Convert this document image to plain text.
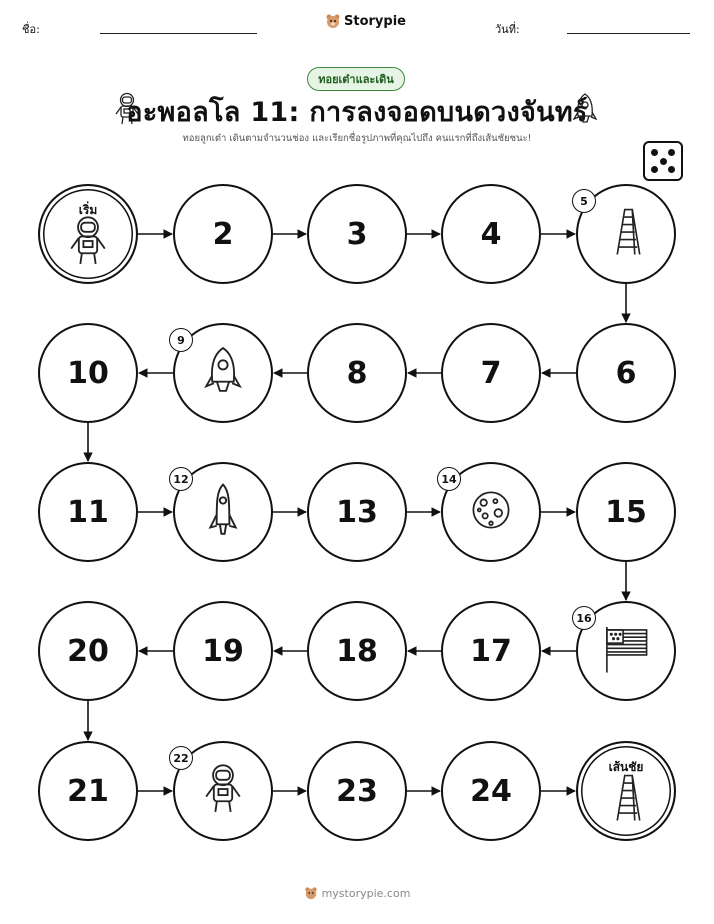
ชื่อ:
Storypie
วันที่:
ทอยเต๋าและเดิน
อะพอลโล 11: การลงจอดบนดวงจันทร์
ทอยลูกเต๋า เดินตามจำนวนช่อง และเรียกชื่อรูปภาพที่คุณไปถึง คนแรกที่ถึงเส้นชัยชนะ!
เส้นชัย
24
23
21
20	19	18	17
15
13
11
10	8	7	6
4
3
2
เริ่ม
5
9
12	14
16
22
mystorypie.com
